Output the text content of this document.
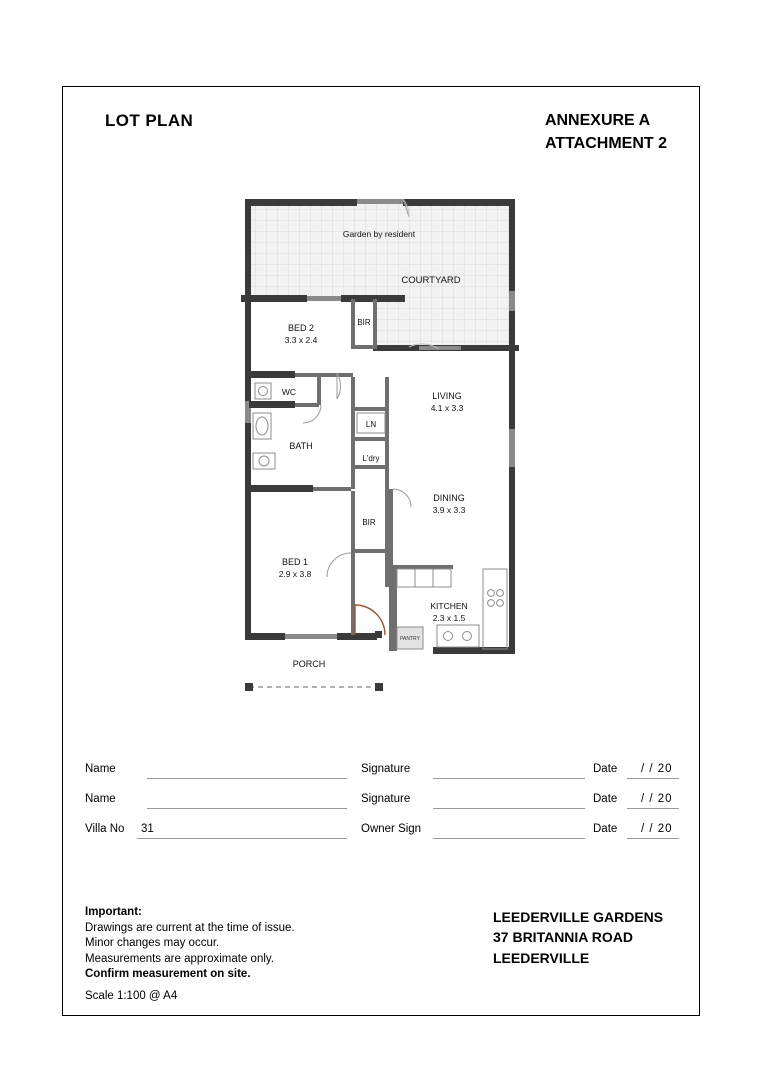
LOT PLAN	ANNEXURE A
ATTACHMENT 2
Garden by resident
COURTYARD
PAVING
BED 2
3.3 x 2.4
BIR
WC
BATH
LN
L'dry
LIVING
4.1 x 3.3
DINING
3.9 x 3.3
BIR
BED 1
2.9 x 3.8
KITCHEN
2.3 x 1.5
PANTRY
PORCH
Name	Signature	Date / / 20
Name	Signature	Date / / 20
Villa No 31	Owner Sign	Date / / 20
Important:
Drawings are current at the time of issue.
Minor changes may occur.
Measurements are approximate only.
Confirm measurement on site.
Scale 1:100 @ A4
LEEDERVILLE GARDENS
37 BRITANNIA ROAD
LEEDERVILLE
